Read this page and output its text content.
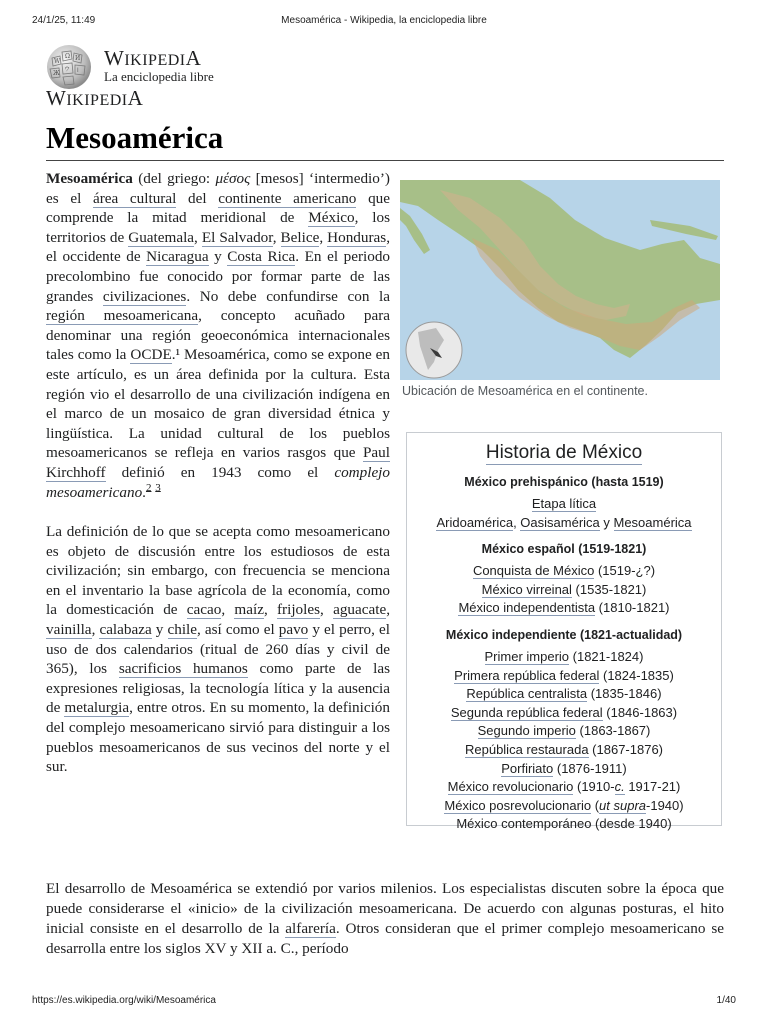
24/1/25, 11:49	Mesoamérica - Wikipedia, la enciclopedia libre
W
Ω И
ウ ا
Ж
WIKIPEDIA
La enciclopedia libre
WIKIPEDIA
Mesoamérica

Mesoamérica (del griego: μέσος [mesos] ‘intermedio’) es el área cultural del continente americano que comprende la mitad meridional de México, los territorios de Guatemala, El Salvador, Belice, Honduras, el occidente de Nicaragua y Costa Rica. En el periodo precolombino fue conocido por formar parte de las grandes civilizaciones. No debe confundirse con la región mesoamericana, concepto acuñado para denominar una región geoeconómica internacionales tales como la OCDE.¹ Mesoamérica, como se expone en este artículo, es un área definida por la cultura. Esta región vio el desarrollo de una civilización indígena en el marco de un mosaico de gran diversidad étnica y lingüística. La unidad cultural de los pueblos mesoamericanos se refleja en varios rasgos que Paul Kirchhoff definió en 1943 como el complejo mesoamericano.$^2$ $^3$

La definición de lo que se acepta como mesoamericano es objeto de discusión entre los estudiosos de esta civilización; sin embargo, con frecuencia se menciona en el inventario la base agrícola de la economía, como la domesticación de cacao, maíz, frijoles, aguacate, vainilla, calabaza y chile, así como el pavo y el perro, el uso de dos calendarios (ritual de 260 días y civil de 365), los sacrificios humanos como parte de las expresiones religiosas, la tecnología lítica y la ausencia de metalurgia, entre otros. En su momento, la definición del complejo mesoamericano sirvió para distinguir a los pueblos mesoamericanos de sus vecinos del norte y el sur.

Ubicación de Mesoamérica en el continente.
Historia de México
México prehispánico (hasta 1519)
Etapa lítica
Aridoamérica, Oasisamérica y Mesoamérica
México español (1519-1821)
Conquista de México (1519-¿?)
México virreinal (1535-1821)
México independentista (1810-1821)
México independiente (1821-actualidad)
Primer imperio (1821-1824)
Primera república federal (1824-1835)
República centralista (1835-1846)
Segunda república federal (1846-1863)
Segundo imperio (1863-1867)
República restaurada (1867-1876)
Porfiriato (1876-1911)
México revolucionario (1910-c. 1917-21)
México posrevolucionario (ut supra-1940)
México contemporáneo (desde 1940)

El desarrollo de Mesoamérica se extendió por varios milenios. Los especialistas discuten sobre la época que puede considerarse el «inicio» de la civilización mesoamericana. De acuerdo con algunas posturas, el hito inicial consiste en el desarrollo de la alfarería. Otros consideran que el primer complejo mesoamericano se desarrolla entre los siglos XV y XII a. C., período

https://es.wikipedia.org/wiki/Mesoamérica	1/40
